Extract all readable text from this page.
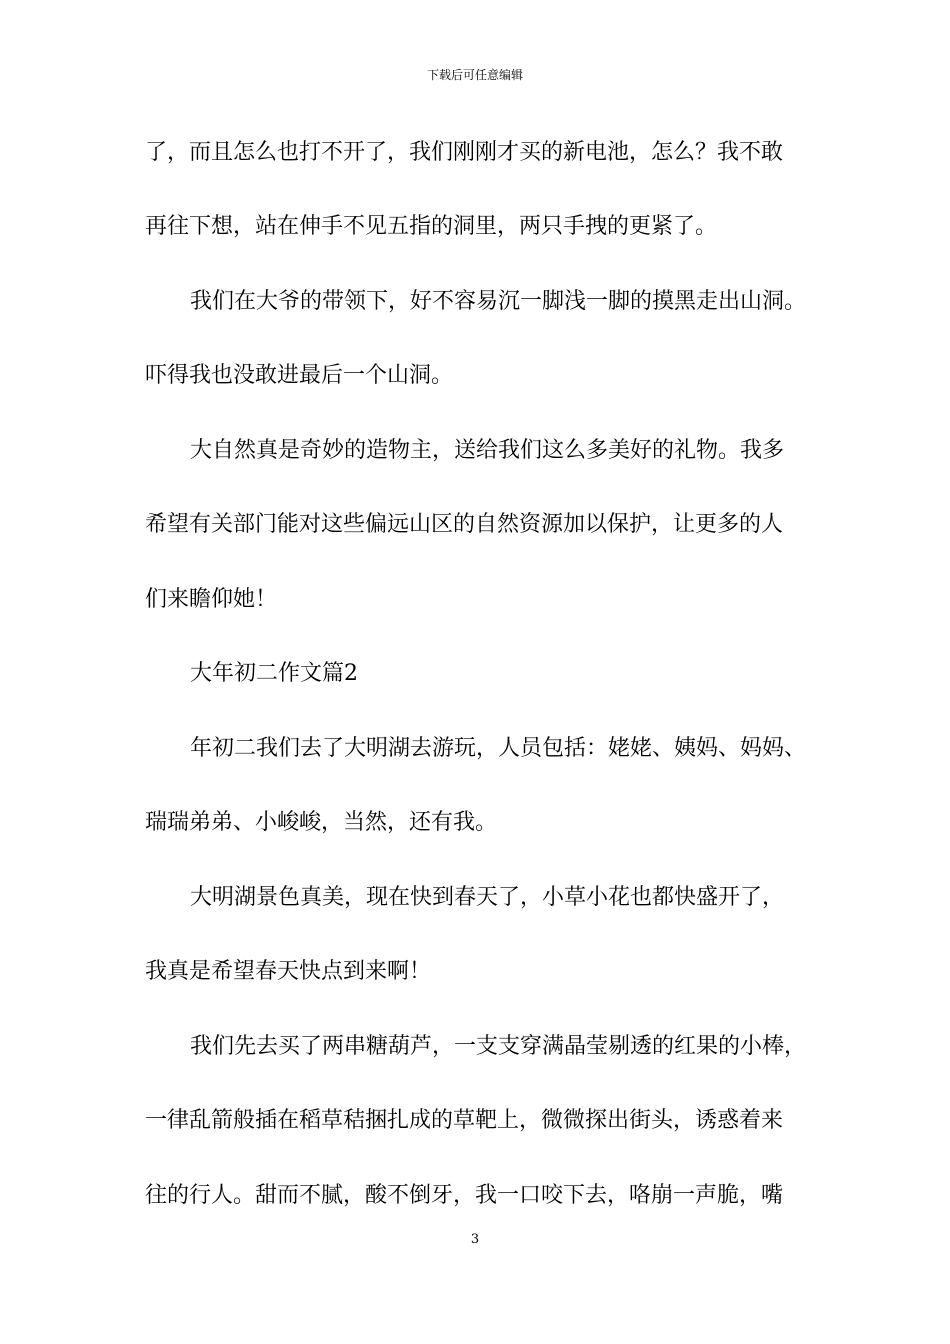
下载后可任意编辑
了，而且怎么也打不开了，我们刚刚才买的新电池，怎么？我不敢
再往下想，站在伸手不见五指的洞里，两只手拽的更紧了。
我们在大爷的带领下，好不容易沉一脚浅一脚的摸黑走出山洞。
吓得我也没敢进最后一个山洞。
大自然真是奇妙的造物主，送给我们这么多美好的礼物。我多
希望有关部门能对这些偏远山区的自然资源加以保护，让更多的人
们来瞻仰她！
大年初二作文篇2
年初二我们去了大明湖去游玩，人员包括：姥姥、姨妈、妈妈、
瑞瑞弟弟、小峻峻，当然，还有我。
大明湖景色真美，现在快到春天了，小草小花也都快盛开了，
我真是希望春天快点到来啊！
我们先去买了两串糖葫芦，一支支穿满晶莹剔透的红果的小棒，
一律乱箭般插在稻草秸捆扎成的草靶上，微微探出街头，诱惑着来
往的行人。甜而不腻，酸不倒牙，我一口咬下去，咯崩一声脆，嘴
3
